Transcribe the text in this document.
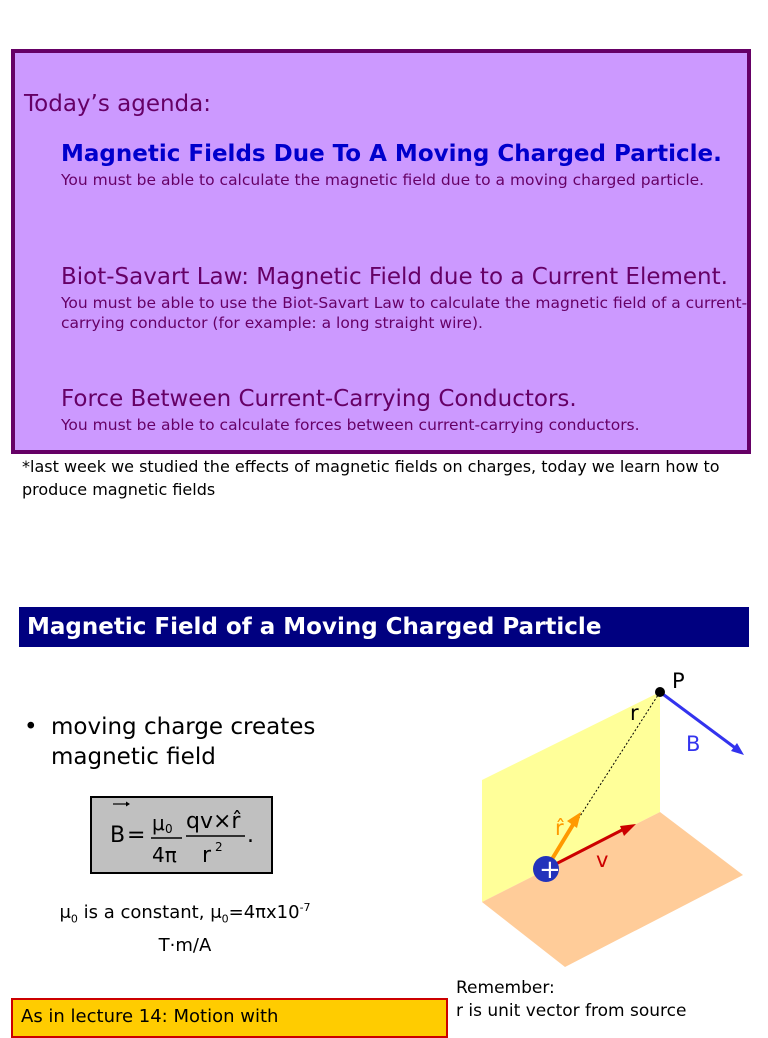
Today’s agenda:
Magnetic Fields Due To A Moving Charged Particle.
You must be able to calculate the magnetic field due to a moving charged particle.
Biot-Savart Law: Magnetic Field due to a Current Element.
You must be able to use the Biot-Savart Law to calculate the magnetic field of a current-carrying conductor (for example: a long straight wire).
Force Between Current-Carrying Conductors.
You must be able to calculate forces between current-carrying conductors.
*last week we studied the effects of magnetic fields on charges, today we learn how to produce magnetic fields
Magnetic Field of a Moving Charged Particle
• moving charge creates magnetic field
B = μ 0
4π
qv×r̂
r 2 .
$\mu_0$ is a constant, $\mu_0=4\pi x10^{-7}$
T·m/A
+
P
r
B
r̂
v
Remember:
r is unit vector from source
As in lecture 14: Motion with
